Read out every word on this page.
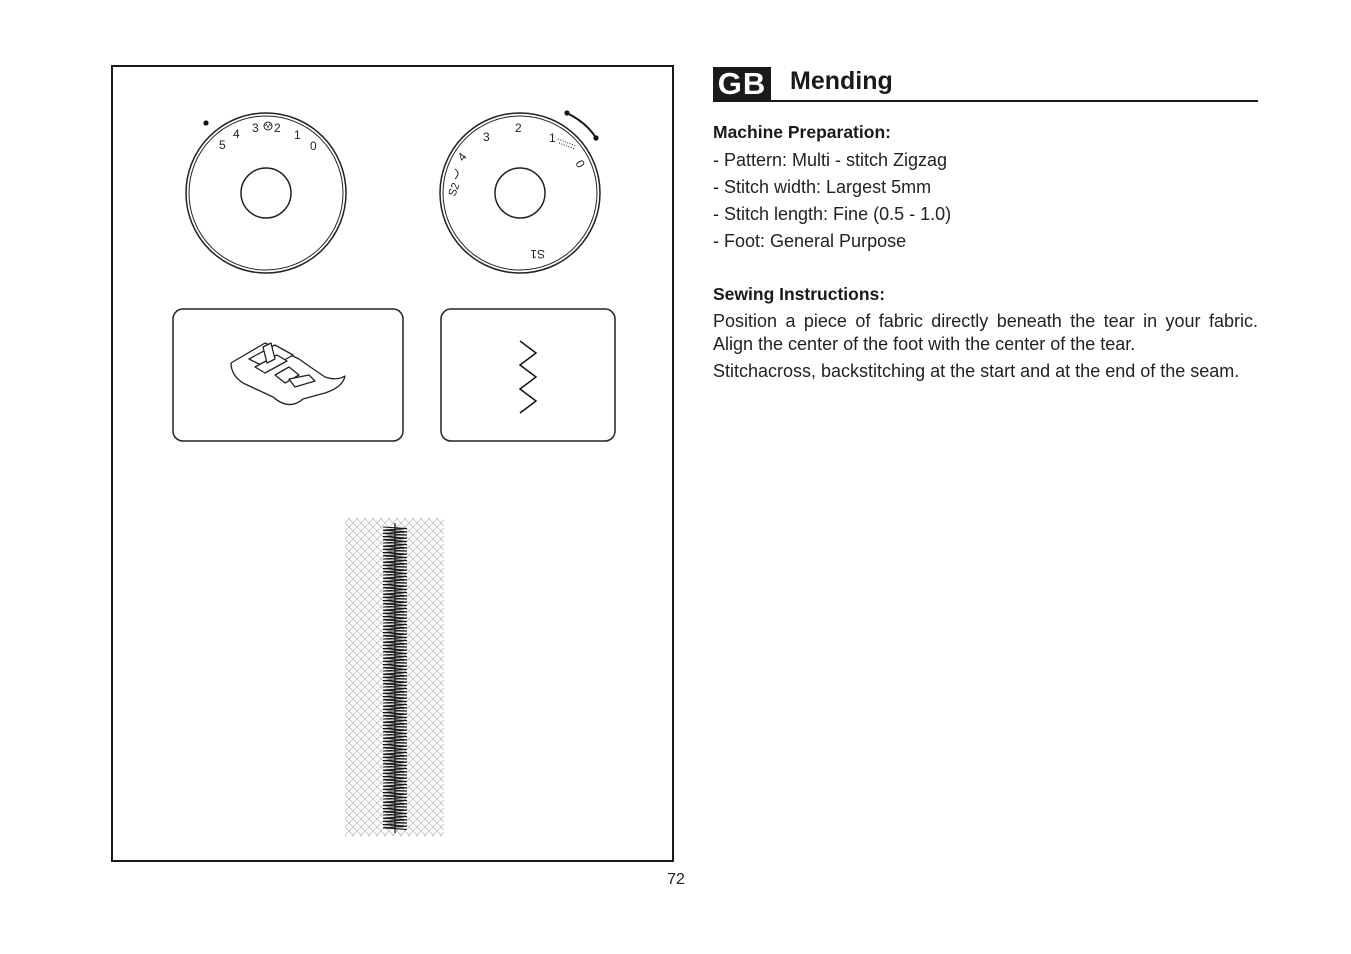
5
4 3 2 1
0
S2
4
3
2
1
0
S1
72
GB Mending
Machine Preparation:
- Pattern: Multi - stitch Zigzag
- Stitch width: Largest 5mm
- Stitch length: Fine (0.5 - 1.0)
- Foot: General Purpose
Sewing Instructions:

Position a piece of fabric directly beneath the tear in your fabric. Align the center of the foot with the center of the tear.

Stitchacross, backstitching at the start and at the end of the seam.
